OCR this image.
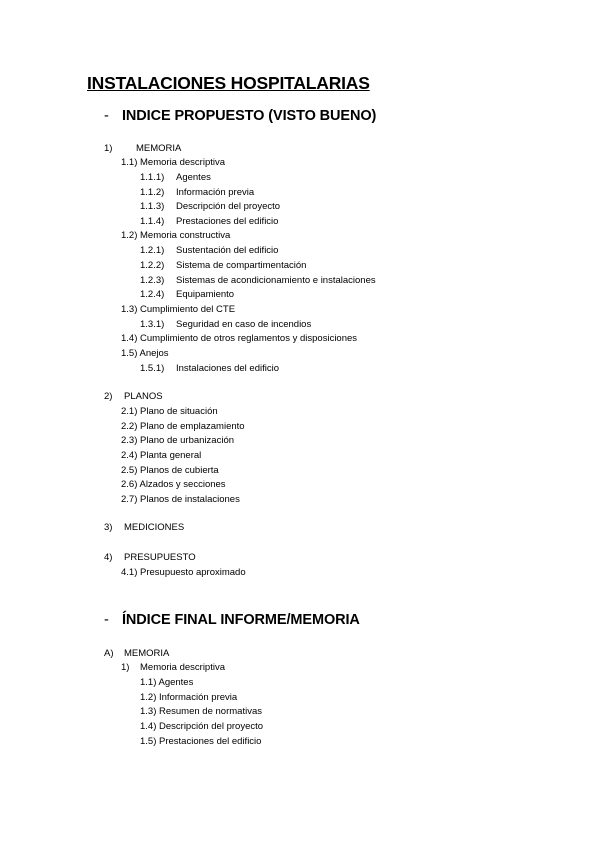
INSTALACIONES HOSPITALARIAS
- INDICE PROPUESTO (VISTO BUENO)
1) MEMORIA
1.1) Memoria descriptiva
1.1.1) Agentes
1.1.2) Información previa
1.1.3) Descripción del proyecto
1.1.4) Prestaciones del edificio
1.2) Memoria constructiva
1.2.1) Sustentación del edificio
1.2.2) Sistema de compartimentación
1.2.3) Sistemas de acondicionamiento e instalaciones
1.2.4) Equipamiento
1.3) Cumplimiento del CTE
1.3.1) Seguridad en caso de incendios
1.4) Cumplimiento de otros reglamentos y disposiciones
1.5) Anejos
1.5.1) Instalaciones del edificio
2) PLANOS
2.1) Plano de situación
2.2) Plano de emplazamiento
2.3) Plano de urbanización
2.4) Planta general
2.5) Planos de cubierta
2.6) Alzados y secciones
2.7) Planos de instalaciones
3) MEDICIONES
4) PRESUPUESTO
4.1) Presupuesto aproximado
- ÍNDICE FINAL INFORME/MEMORIA
A) MEMORIA
1) Memoria descriptiva
1.1) Agentes
1.2) Información previa
1.3) Resumen de normativas
1.4) Descripción del proyecto
1.5) Prestaciones del edificio
